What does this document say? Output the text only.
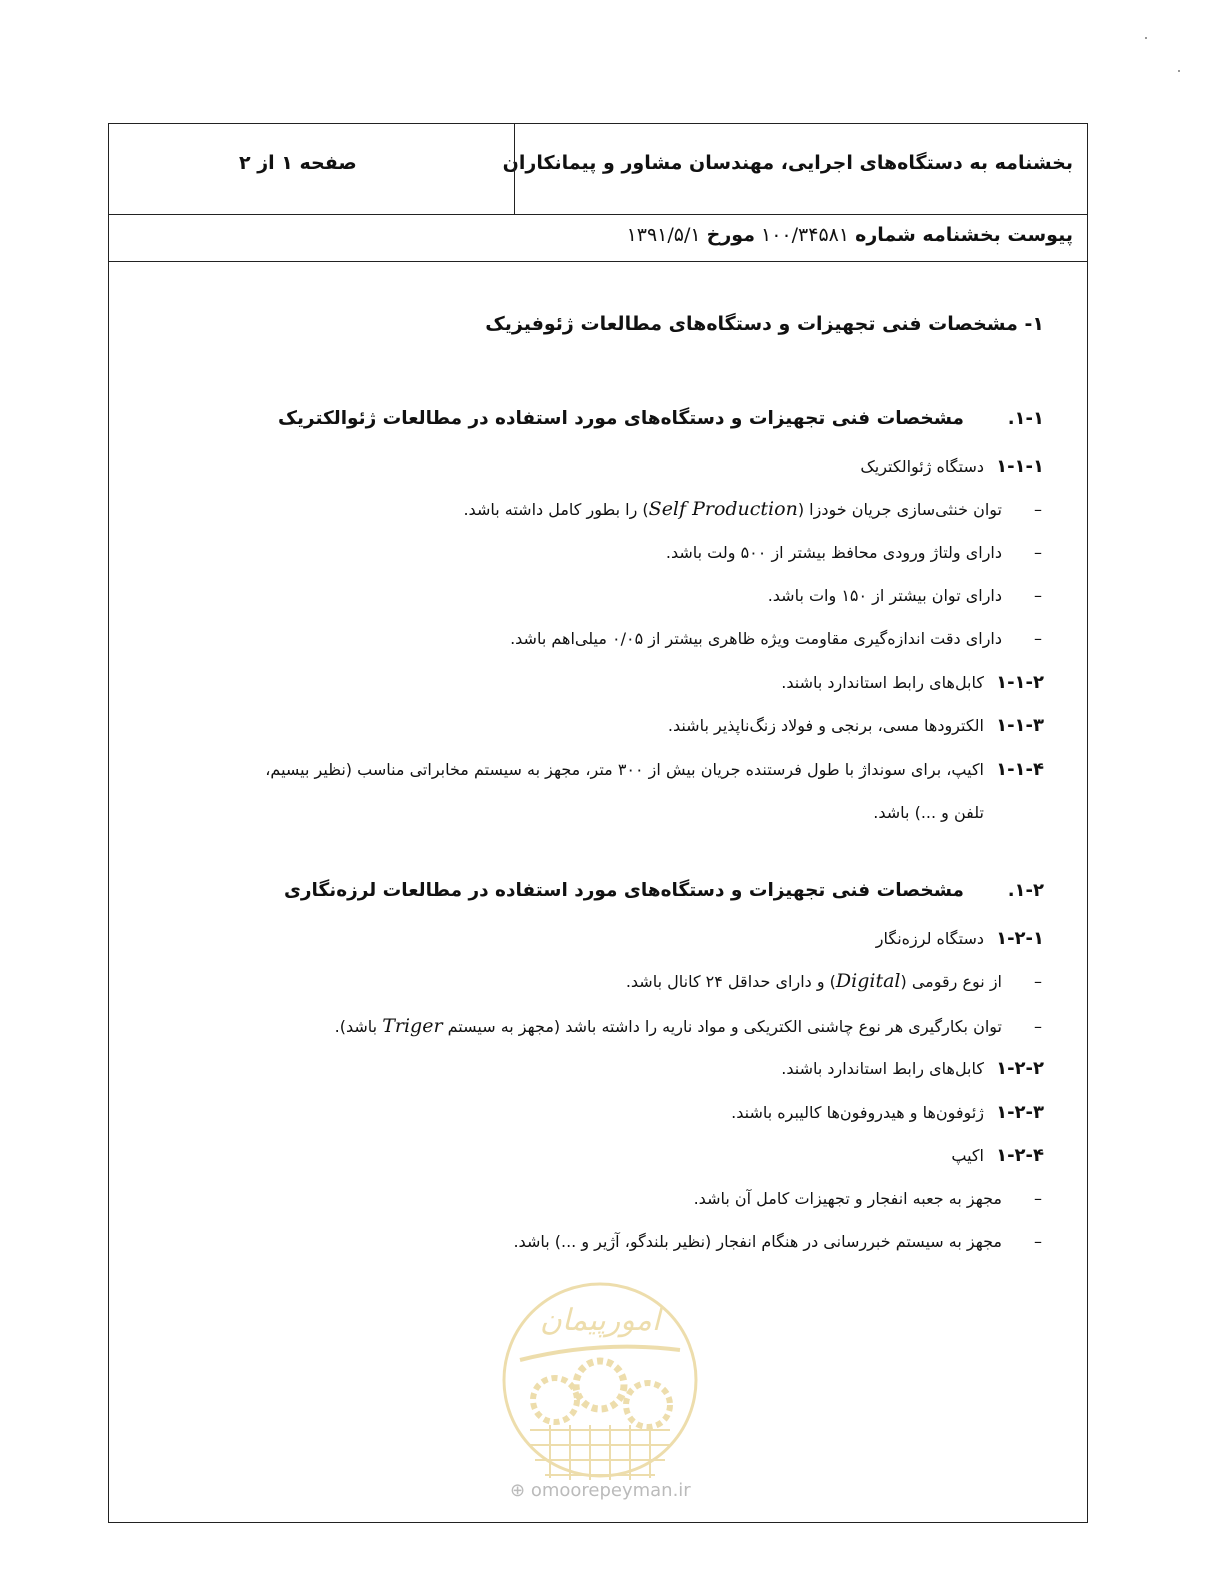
بخشنامه به دستگاه‌های اجرایی، مهندسان مشاور و پیمانکاران
صفحه ۱ از ۲
پیوست بخشنامه شماره ۱۰۰/۳۴۵۸۱ مورخ ۱۳۹۱/۵/۱
۱- مشخصات فنی تجهیزات و دستگاه‌های مطالعات ژئوفیزیک
۱-۱.مشخصات فنی تجهیزات و دستگاه‌های مورد استفاده در مطالعات ژئوالکتریک
۱-۱-۱دستگاه ژئوالکتریک
–توان خنثی‌سازی جریان خودزا (Self Production) را بطور کامل داشته باشد.
–دارای ولتاژ ورودی محافظ بیشتر از ۵۰۰ ولت باشد.
–دارای توان بیشتر از ۱۵۰ وات باشد.
–دارای دقت اندازه‌گیری مقاومت ویژه ظاهری بیشتر از ۰/۰۵ میلی‌اهم باشد.
۱-۱-۲کابل‌های رابط استاندارد باشند.
۱-۱-۳الکترودها مسی، برنجی و فولاد زنگ‌ناپذیر باشند.
۱-۱-۴اکیپ، برای سونداژ با طول فرستنده جریان بیش از ۳۰۰ متر، مجهز به سیستم مخابراتی مناسب (نظیر بیسیم،
تلفن و ...) باشد.
۱-۲.مشخصات فنی تجهیزات و دستگاه‌های مورد استفاده در مطالعات لرزه‌نگاری
۱-۲-۱دستگاه لرزه‌نگار
–از نوع رقومی (Digital) و دارای حداقل ۲۴ کانال باشد.
–توان بکارگیری هر نوع چاشنی الکتریکی و مواد ناریه را داشته باشد (مجهز به سیستم Triger باشد).
۱-۲-۲کابل‌های رابط استاندارد باشند.
۱-۲-۳ژئوفون‌ها و هیدروفون‌ها کالیبره باشند.
۱-۲-۴اکیپ
–مجهز به جعبه انفجار و تجهیزات کامل آن باشد.
–مجهز به سیستم خبررسانی در هنگام انفجار (نظیر بلندگو، آژیر و ...) باشد.
امورپیمان
⊕ omoorepeyman.ir
